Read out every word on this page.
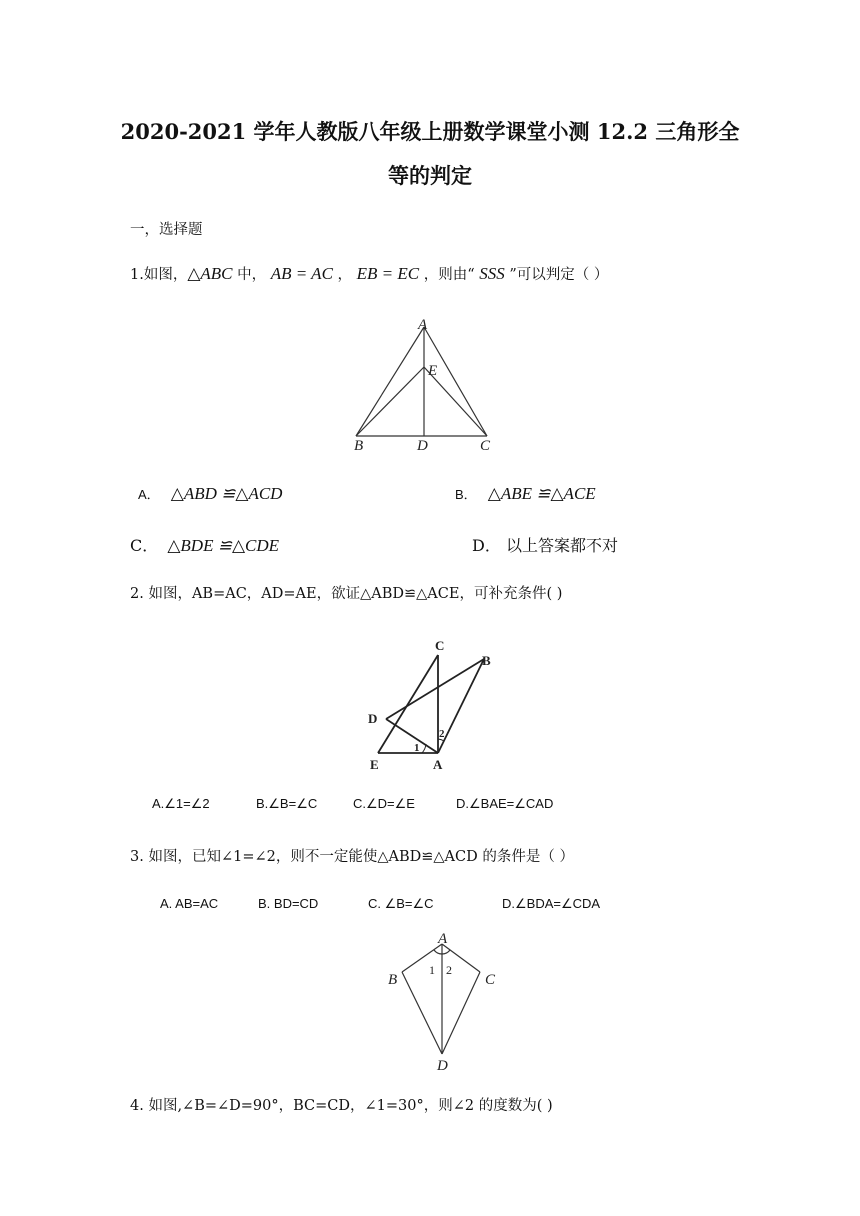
2020-2021 学年人教版八年级上册数学课堂小测 12.2 三角形全
等的判定
一，选择题
1.如图，△ABC 中， AB = AC ， EB = EC ，则由“ SSS ”可以判定（ ）
A
E
B	D	C
A． △ABD ≌△ACD	B． △ABE ≌△ACE
C． △BDE ≌△CDE	D． 以上答案都不对
2. 如图，AB=AC，AD=AE，欲证△ABD≌△ACE，可补充条件( )
C
B
D
E	A
1
2
A.∠1=∠2	B.∠B=∠C	C.∠D=∠E	D.∠BAE=∠CAD
3. 如图，已知∠1=∠2，则不一定能使△ABD≌△ACD 的条件是（ ）
A. AB=AC	B. BD=CD	C. ∠B=∠C	D.∠BDA=∠CDA
A
B	C
D
1 2
4. 如图,∠B=∠D=90°，BC=CD，∠1=30°，则∠2 的度数为( )
